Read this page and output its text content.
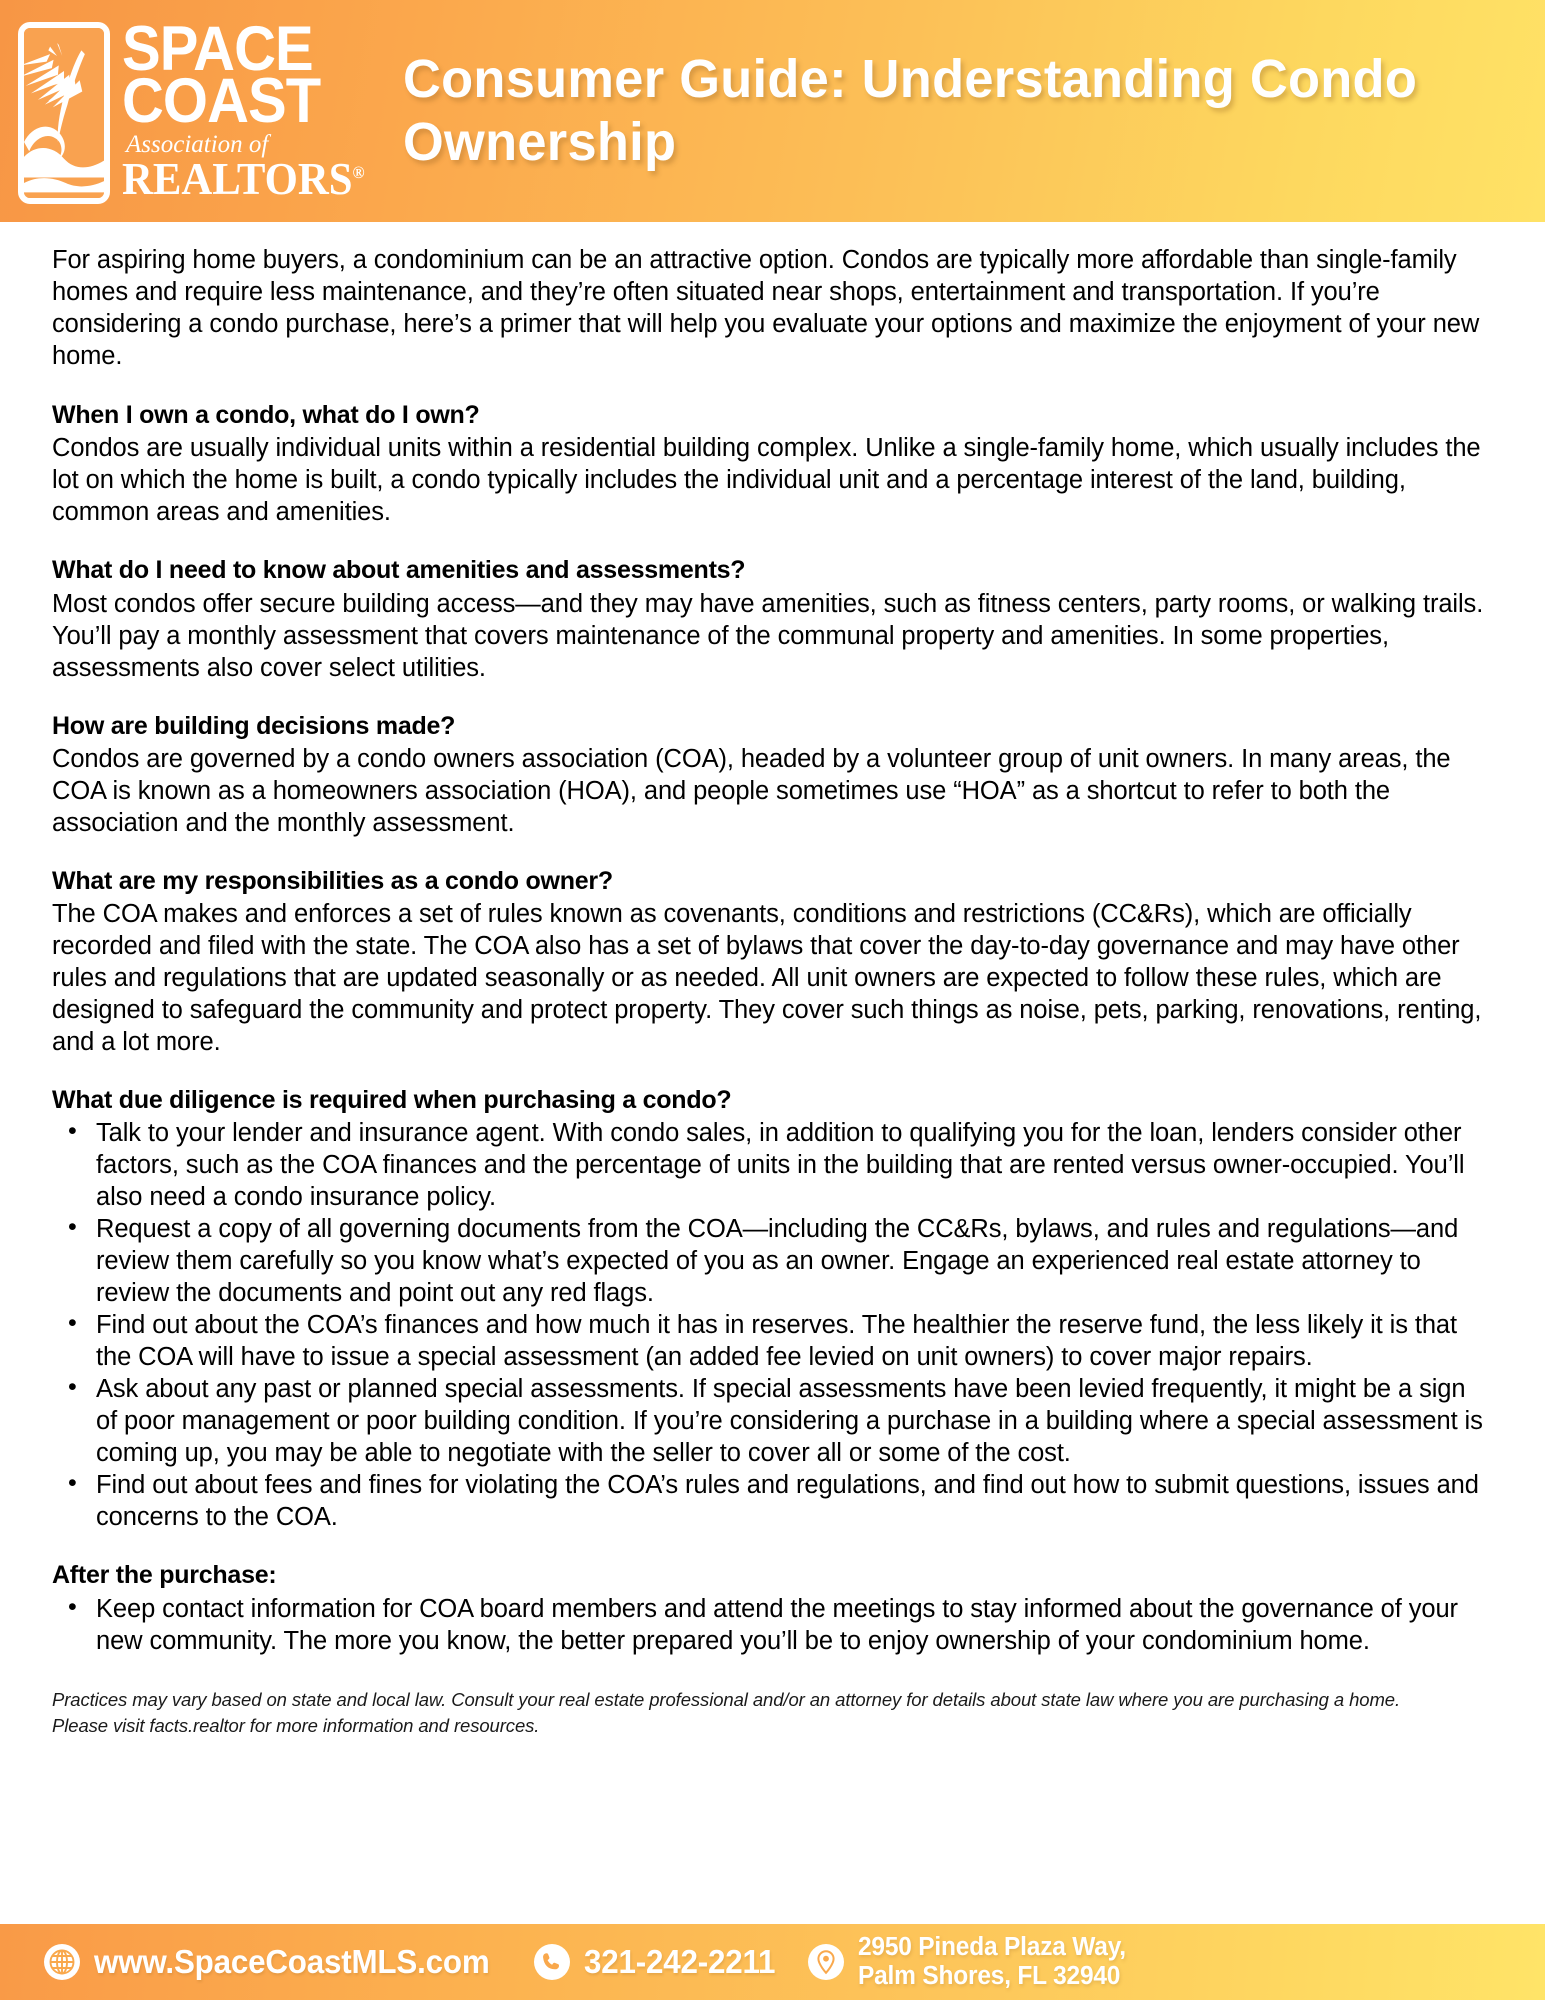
SPACE
COAST
Association of
REALTORS®
Consumer Guide: Understanding Condo Ownership

For aspiring home buyers, a condominium can be an attractive option. Condos are typically more affordable than single-family homes and require less maintenance, and they’re often situated near shops, entertainment and transportation. If you’re considering a condo purchase, here’s a primer that will help you evaluate your options and maximize the enjoyment of your new home.

When I own a condo, what do I own?

Condos are usually individual units within a residential building complex. Unlike a single-family home, which usually includes the lot on which the home is built, a condo typically includes the individual unit and a percentage interest of the land, building, common areas and amenities.

What do I need to know about amenities and assessments?

Most condos offer secure building access—and they may have amenities, such as fitness centers, party rooms, or walking trails. You’ll pay a monthly assessment that covers maintenance of the communal property and amenities. In some properties, assessments also cover select utilities.

How are building decisions made?

Condos are governed by a condo owners association (COA), headed by a volunteer group of unit owners. In many areas, the COA is known as a homeowners association (HOA), and people sometimes use “HOA” as a shortcut to refer to both the association and the monthly assessment.

What are my responsibilities as a condo owner?

The COA makes and enforces a set of rules known as covenants, conditions and restrictions (CC&Rs), which are officially recorded and filed with the state. The COA also has a set of bylaws that cover the day-to-day governance and may have other rules and regulations that are updated seasonally or as needed. All unit owners are expected to follow these rules, which are designed to safeguard the community and protect property. They cover such things as noise, pets, parking, renovations, renting, and a lot more.

What due diligence is required when purchasing a condo?
• Talk to your lender and insurance agent. With condo sales, in addition to qualifying you for the loan, lenders consider other factors, such as the COA finances and the percentage of units in the building that are rented versus owner-occupied. You’ll also need a condo insurance policy.
• Request a copy of all governing documents from the COA—including the CC&Rs, bylaws, and rules and regulations—and review them carefully so you know what’s expected of you as an owner. Engage an experienced real estate attorney to review the documents and point out any red flags.
• Find out about the COA’s finances and how much it has in reserves. The healthier the reserve fund, the less likely it is that the COA will have to issue a special assessment (an added fee levied on unit owners) to cover major repairs.
• Ask about any past or planned special assessments. If special assessments have been levied frequently, it might be a sign of poor management or poor building condition. If you’re considering a purchase in a building where a special assessment is coming up, you may be able to negotiate with the seller to cover all or some of the cost.
• Find out about fees and fines for violating the COA’s rules and regulations, and find out how to submit questions, issues and concerns to the COA.
After the purchase:
• Keep contact information for COA board members and attend the meetings to stay informed about the governance of your new community. The more you know, the better prepared you’ll be to enjoy ownership of your condominium home.

Practices may vary based on state and local law. Consult your real estate professional and/or an attorney for details about state law where you are purchasing a home. Please visit facts.realtor for more information and resources.

www.SpaceCoastMLS.com	321-242-2211	2950 Pineda Plaza Way,
Palm Shores, FL 32940
